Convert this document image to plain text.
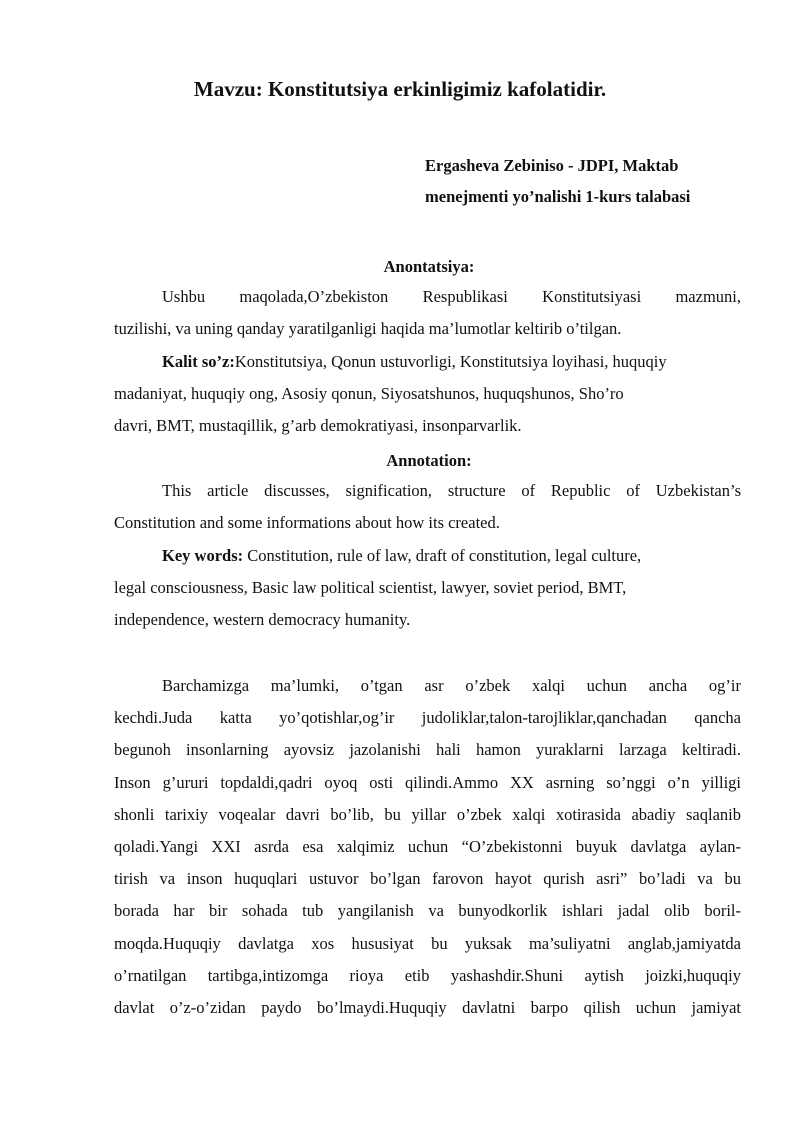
Mavzu: Konstitutsiya erkinligimiz kafolatidir.
Ergasheva Zebiniso - JDPI, Maktab
menejmenti yo’nalishi 1-kurs talabasi
Anontatsiya:
Ushbu maqolada,O’zbekiston Respublikasi Konstitutsiyasi mazmuni,
tuzilishi, va uning qanday yaratilganligi haqida ma’lumotlar keltirib o’tilgan.
Kalit so’z:Konstitutsiya, Qonun ustuvorligi, Konstitutsiya loyihasi, huquqiy
madaniyat, huquqiy ong, Asosiy qonun, Siyosatshunos, huquqshunos, Sho’ro
davri, BMT, mustaqillik, g’arb demokratiyasi, insonparvarlik.
Annotation:
This article discusses, signification, structure of Republic of Uzbekistan’s
Constitution and some informations about how its created.
Key words: Constitution, rule of law, draft of constitution, legal culture,
legal consciousness, Basic law political scientist, lawyer, soviet period, BMT,
independence, western democracy humanity.
Barchamizga ma’lumki, o’tgan asr o’zbek xalqi uchun ancha og’ir
kechdi.Juda katta yo’qotishlar,og’ir judoliklar,talon-tarojliklar,qanchadan qancha
begunoh insonlarning ayovsiz jazolanishi hali hamon yuraklarni larzaga keltiradi.
Inson g’ururi topdaldi,qadri oyoq osti qilindi.Ammo XX asrning so’nggi o’n yilligi
shonli tarixiy voqealar davri bo’lib, bu yillar o’zbek xalqi xotirasida abadiy saqlanib
qoladi.Yangi XXI asrda esa xalqimiz uchun “O’zbekistonni buyuk davlatga aylan-
tirish va inson huquqlari ustuvor bo’lgan farovon hayot qurish asri” bo’ladi va bu
borada har bir sohada tub yangilanish va bunyodkorlik ishlari jadal olib boril-
moqda.Huquqiy davlatga xos hususiyat bu yuksak ma’suliyatni anglab,jamiyatda
o’rnatilgan tartibga,intizomga rioya etib yashashdir.Shuni aytish joizki,huquqiy
davlat o’z-o’zidan paydo bo’lmaydi.Huquqiy davlatni barpo qilish uchun jamiyat
